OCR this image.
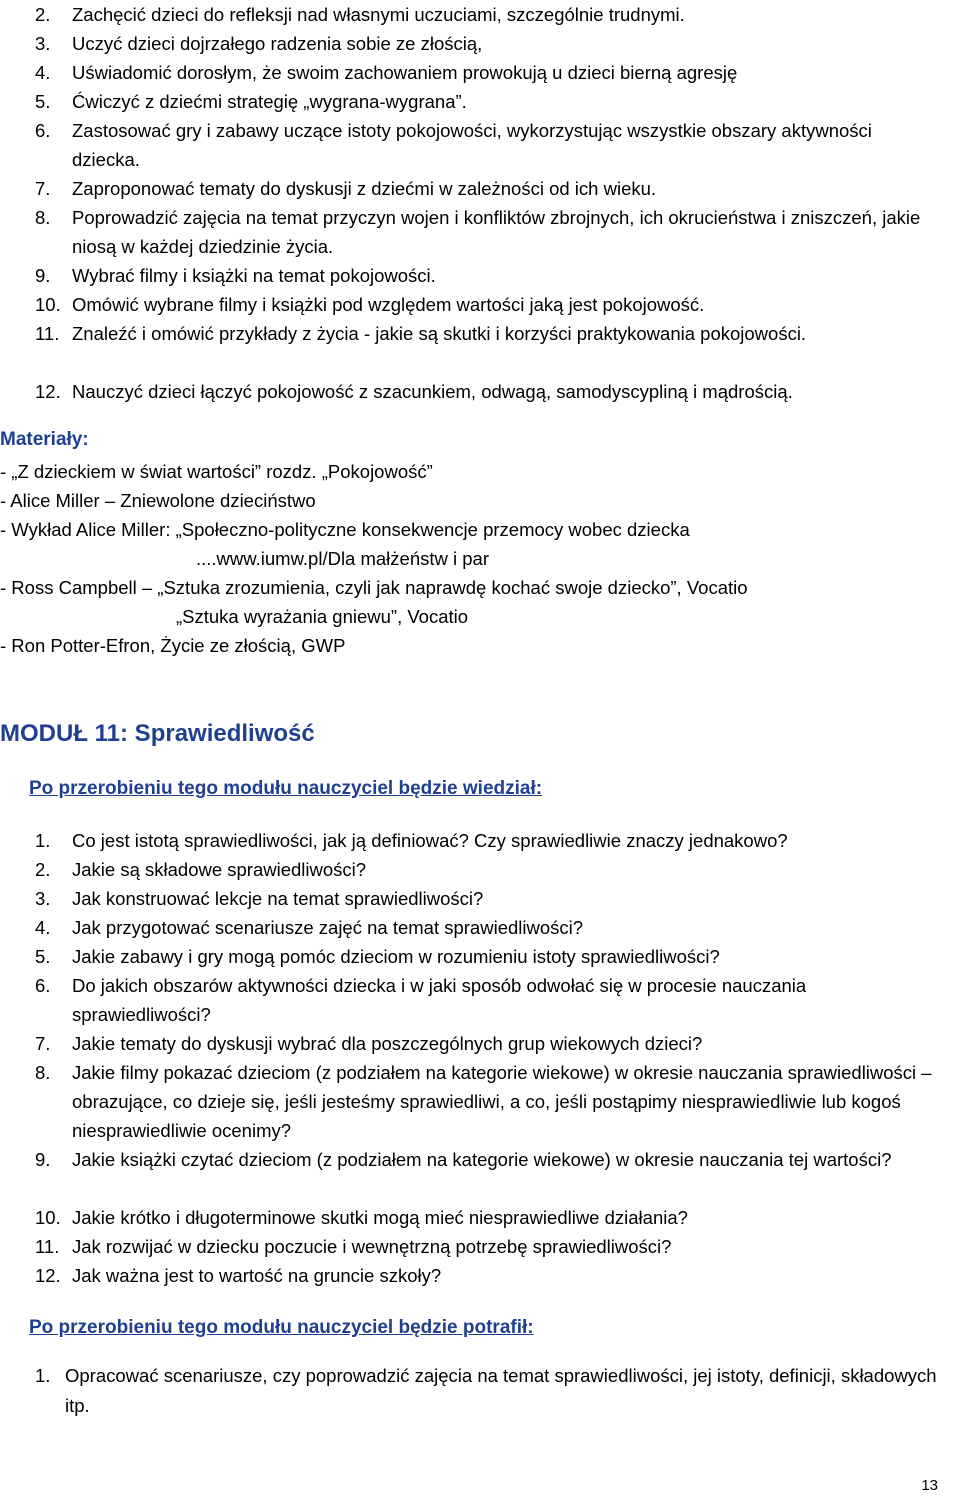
2.	Zachęcić dzieci do refleksji nad własnymi uczuciami, szczególnie trudnymi.
3.	Uczyć dzieci dojrzałego radzenia sobie ze złością,
4.	Uświadomić dorosłym, że swoim zachowaniem prowokują u dzieci bierną agresję
5.	Ćwiczyć z dziećmi strategię „wygrana-wygrana”.
6.	Zastosować gry i zabawy uczące istoty pokojowości, wykorzystując wszystkie obszary aktywności dziecka.
7.	Zaproponować tematy do dyskusji z dziećmi w zależności od ich wieku.
8.	Poprowadzić zajęcia na temat przyczyn wojen i konfliktów zbrojnych, ich okrucieństwa i zniszczeń, jakie niosą w każdej dziedzinie życia.
9.	Wybrać filmy i książki na temat pokojowości.
10. Omówić wybrane filmy i książki pod względem wartości jaką jest pokojowość.
11. Znaleźć i omówić przykłady z życia - jakie są skutki i korzyści praktykowania pokojowości.
12. Nauczyć dzieci łączyć pokojowość z szacunkiem, odwagą, samodyscypliną i mądrością.
Materiały:
- „Z dzieckiem w świat wartości” rozdz. „Pokojowość”
- Alice Miller – Zniewolone dzieciństwo
- Wykład Alice Miller: „Społeczno-polityczne konsekwencje przemocy wobec dziecka
....www.iumw.pl/Dla małżeństw i par
- Ross Campbell – „Sztuka zrozumienia, czyli jak naprawdę kochać swoje dziecko”, Vocatio
„Sztuka wyrażania gniewu”, Vocatio
- Ron Potter-Efron, Życie ze złością, GWP
MODUŁ 11: Sprawiedliwość
Po przerobieniu tego modułu nauczyciel będzie wiedział:
1.	Co jest istotą sprawiedliwości, jak ją definiować? Czy sprawiedliwie znaczy jednakowo?
2.	Jakie są składowe sprawiedliwości?
3.	Jak konstruować lekcje na temat sprawiedliwości?
4.	Jak przygotować scenariusze zajęć na temat sprawiedliwości?
5.	Jakie zabawy i gry mogą pomóc dzieciom w rozumieniu istoty sprawiedliwości?
6.	Do jakich obszarów aktywności dziecka i w jaki sposób odwołać się w procesie nauczania sprawiedliwości?
7.	Jakie tematy do dyskusji wybrać dla poszczególnych grup wiekowych dzieci?
8.	Jakie filmy pokazać dzieciom (z podziałem na kategorie wiekowe) w okresie nauczania sprawiedliwości – obrazujące, co dzieje się, jeśli jesteśmy sprawiedliwi, a co, jeśli postąpimy niesprawiedliwie lub kogoś niesprawiedliwie ocenimy?
9.	Jakie książki czytać dzieciom (z podziałem na kategorie wiekowe) w okresie nauczania tej wartości?
10. Jakie krótko i długoterminowe skutki mogą mieć niesprawiedliwe działania?
11. Jak rozwijać w dziecku poczucie i wewnętrzną potrzebę sprawiedliwości?
12. Jak ważna jest to wartość na gruncie szkoły?
Po przerobieniu tego modułu nauczyciel będzie potrafił:
1. Opracować scenariusze, czy poprowadzić zajęcia na temat sprawiedliwości, jej istoty, definicji, składowych itp.
13
